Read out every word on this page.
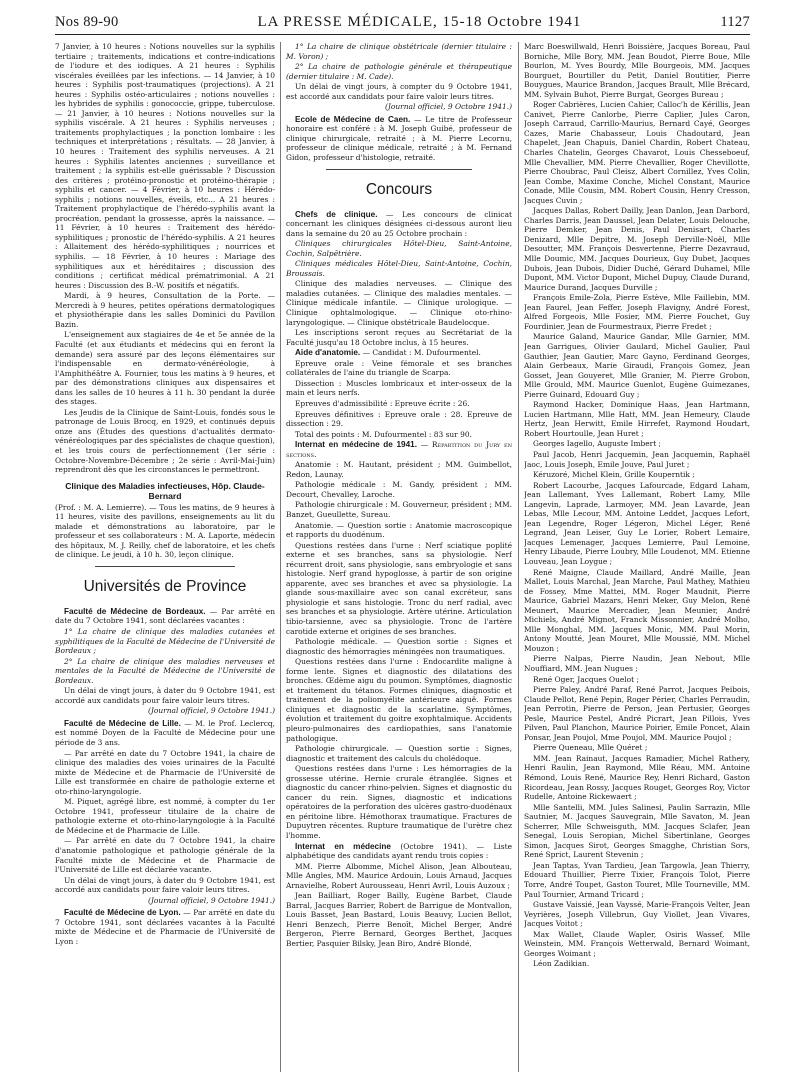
Nos 89-90	LA PRESSE MÉDICALE, 15-18 Octobre 1941	1127

7 Janvier, à 10 heures : Notions nouvelles sur la syphilis tertiaire ; traitements, indications et contre-indications de l'iodure et des iodiques. A 21 heures : Syphilis viscérales éveillées par les infections. — 14 Janvier, à 10 heures : Syphilis post-traumatiques (projections). A 21 heures : Syphilis ostéo-articulaires ; notions nouvelles : les hybrides de syphilis : gonococcie, grippe, tuberculose. — 21 Janvier, à 10 heures : Notions nouvelles sur la syphilis viscérale. A 21 heures : Syphilis nerveuses ; traitements prophylactiques ; la ponction lombaire : les techniques et interprétations ; résultats. — 28 Janvier, à 10 heures : Traitement des syphilis nerveuses. A 21 heures : Syphilis latentes anciennes ; surveillance et traitement ; la syphilis est-elle guérissable ? Discussion des critères ; protéino-pronostic et protéino-thérapie ; syphilis et cancer. — 4 Février, à 10 heures : Hérédo-syphilis ; notions nouvelles, éveils, etc... A 21 heures : Traitement prophylactique de l'hérédo-syphilis avant la procréation, pendant la grossesse, après la naissance. — 11 Février, à 10 heures : Traitement des hérédo-syphilitiques ; pronostic de l'hérédo-syphilis. A 21 heures : Allaitement des hérédo-syphilitiques ; nourrices et syphilis. — 18 Février, à 10 heures : Mariage des syphilitiques aux et héréditaires ; discussion des conditions ; certificat médical prématrimonial. A 21 heures : Discussion des B.-W. positifs et négatifs.

Mardi, à 9 heures, Consultation de la Porte. — Mercredi à 9 heures, petites opérations dermatologiques et physiothérapie dans les salles Dominici du Pavillon Bazin.

L'enseignement aux stagiaires de 4e et 5e année de la Faculté (et aux étudiants et médecins qui en feront la demande) sera assuré par des leçons élémentaires sur l'indispensable en dermato-vénéréologie, à l'Amphithéâtre A. Fournier, tous les matins à 9 heures, et par des démonstrations cliniques aux dispensaires et dans les salles de 10 heures à 11 h. 30 pendant la durée des stages.

Les Jeudis de la Clinique de Saint-Louis, fondés sous le patronage de Louis Brocq, en 1929, et continués depuis onze ans (Études des questions d'actualités dermato-vénéréologiques par des spécialistes de chaque question), et les trois cours de perfectionnement (1er série : Octobre-Novembre-Décembre ; 2e série : Avril-Mai-Juin) reprendront dès que les circonstances le permettront.

Clinique des Maladies infectieuses, Hôp. Claude-Bernard

(Prof. : M. A. Lemierre). — Tous les matins, de 9 heures à 11 heures, visite des pavillons, enseignements au lit du malade et démonstrations au laboratoire, par le professeur et ses collaborateurs : M. A. Laporte, médecin des hôpitaux, M. J. Reilly, chef de laboratoire, et les chefs de clinique. Le jeudi, à 10 h. 30, leçon clinique.

Universités de Province

Faculté de Médecine de Bordeaux. — Par arrêté en date du 7 Octobre 1941, sont déclarées vacantes :

1° La chaire de clinique des maladies cutanées et syphilitiques de la Faculté de Médecine de l'Université de Bordeaux ;

2° La chaire de clinique des maladies nerveuses et mentales de la Faculté de Médecine de l'Université de Bordeaux.

Un délai de vingt jours, à dater du 9 Octobre 1941, est accordé aux candidats pour faire valoir leurs titres.

(Journal officiel, 9 Octobre 1941.)

Faculté de Médecine de Lille. — M. le Prof. Leclercq, est nommé Doyen de la Faculté de Médecine pour une période de 3 ans.

— Par arrêté en date du 7 Octobre 1941, la chaire de clinique des maladies des voies urinaires de la Faculté mixte de Médecine et de Pharmacie de l'Université de Lille est transformée en chaire de pathologie externe et oto-rhino-laryngologie.

M. Piquet, agrégé libre, est nommé, à compter du 1er Octobre 1941, professeur titulaire de la chaire de pathologie externe et oto-rhino-laryngologie à la Faculté de Médecine et de Pharmacie de Lille.

— Par arrêté en date du 7 Octobre 1941, la chaire d'anatomie pathologique et pathologie générale de la Faculté mixte de Médecine et de Pharmacie de l'Université de Lille est déclarée vacante.

Un délai de vingt jours, à dater du 9 Octobre 1941, est accordé aux candidats pour faire valoir leurs titres.

(Journal officiel, 9 Octobre 1941.)

Faculté de Médecine de Lyon. — Par arrêté en date du 7 Octobre 1941, sont déclarées vacantes à la Faculté mixte de Médecine et de Pharmacie de l'Université de Lyon :

1° La chaire de clinique obstétricale (dernier titulaire : M. Voron) ;

2° La chaire de pathologie générale et thérapeutique (dernier titulaire : M. Cade).

Un délai de vingt jours, à compter du 9 Octobre 1941, est accordé aux candidats pour faire valoir leurs titres.

(Journal officiel, 9 Octobre 1941.)

Ecole de Médecine de Caen. — Le titre de Professeur honoraire est conféré : à M. Joseph Guibé, professeur de clinique chirurgicale, retraité ; à M. Pierre Lecornu, professeur de clinique médicale, retraité ; à M. Fernand Gidon, professeur d'histologie, retraité.

Concours

Chefs de clinique. — Les concours de clinicat concernant les cliniques désignées ci-dessous auront lieu dans la semaine du 20 au 25 Octobre prochain :

Cliniques chirurgicales Hôtel-Dieu, Saint-Antoine, Cochin, Salpêtrière.

Cliniques médicales Hôtel-Dieu, Saint-Antoine, Cochin, Broussais.

Clinique des maladies nerveuses. — Clinique des maladies cutanées. — Clinique des maladies mentales. — Clinique médicale infantile. — Clinique urologique. — Clinique ophtalmologique. — Clinique oto-rhino-laryngologique. — Clinique obstétricale Baudelocque.

Les inscriptions seront reçues au Secrétariat de la Faculté jusqu'au 18 Octobre inclus, à 15 heures.

Aide d'anatomie. — Candidat : M. Dufourmentel.

Epreuve orale : Veine fémorale et ses branches collatérales de l'aine du triangle de Scarpa.

Dissection : Muscles lombricaux et inter-osseux de la main et leurs nerfs.

Epreuves d'admissibilité : Epreuve écrite : 26.

Epreuves définitives : Epreuve orale : 28. Epreuve de dissection : 29.

Total des points : M. Dufourmentel : 83 sur 90.

Internat en médecine de 1941. — Répartition du Jury en sections.

Anatomie : M. Hautant, président ; MM. Guimbellot, Redon, Launay.

Pathologie médicale : M. Gandy, président ; MM. Decourt, Chevalley, Laroche.

Pathologie chirurgicale : M. Gouverneur, président ; MM. Banzet, Gueullette, Sureau.

Anatomie. — Question sortie : Anatomie macroscopique et rapports du duodénum.

Questions restées dans l'urne : Nerf sciatique poplité externe et ses branches, sans sa physiologie. Nerf récurrent droit, sans physiologie, sans embryologie et sans histologie. Nerf grand hypoglosse, à partir de son origine apparente, avec ses branches et avec sa physiologie. La glande sous-maxillaire avec son canal excréteur, sans physiologie et sans histologie. Tronc du nerf radial, avec ses branches et sa physiologie. Artère utérine. Articulation tibio-tarsienne, avec sa physiologie. Tronc de l'artère carotide externe et origines de ses branches.

Pathologie médicale. — Question sortie : Signes et diagnostic des hémorragies méningées non traumatiques.

Questions restées dans l'urne : Endocardite maligne à forme lente. Signes et diagnostic des dilatations des bronches. Œdème aigu du poumon. Symptômes, diagnostic et traitement du tétanos. Formes cliniques, diagnostic et traitement de la poliomyélite antérieure aiguë. Formes cliniques et diagnostic de la scarlatine. Symptômes, évolution et traitement du goitre exophtalmique. Accidents pleuro-pulmonaires des cardiopathies, sans l'anatomie pathologique.

Pathologie chirurgicale. — Question sortie : Signes, diagnostic et traitement des calculs du cholédoque.

Questions restées dans l'urne : Les hémorragies de la grossesse utérine. Hernie crurale étranglée. Signes et diagnostic du cancer rhino-pelvien. Signes et diagnostic du cancer du rein. Signes, diagnostic et indications opératoires de la perforation des ulcères gastro-duodénaux en péritoine libre. Hémothorax traumatique. Fractures de Dupuytren récentes. Rupture traumatique de l'urètre chez l'homme.

Internat en médecine (Octobre 1941). — Liste alphabétique des candidats ayant rendu trois copies :

MM. Pierre Albomme, Michel Alison, Jean Albouteau, Mlle Angles, MM. Maurice Ardouin, Louis Arnaud, Jacques Arnavielhe, Robert Aurousseau, Henri Avril, Louis Auzoux ;

Jean Bailliart, Roger Bailly, Eugène Barbet, Claude Barral, Jacques Barrier, Robert de Barrigue de Montvallon, Louis Basset, Jean Bastard, Louis Beauvy, Lucien Bellot, Henri Benzech, Pierre Benoît, Michel Berger, André Bergeron, Pierre Bernard, Georges Berthet, Jacques Bertier, Pasquier Bilsky, Jean Biro, André Blondé,

Marc Boeswillwald, Henri Boissière, Jacques Boreau, Paul Borniche, Mlle Bory, MM. Jean Boudot, Pierre Boue, Mlle Bourlon, M. Yves Bourdy, Mlle Bourgeois, MM. Jacques Bourguet, Bourtiller du Petit, Daniel Boutitier, Pierre Bouygues, Maurice Brandon, Jacques Brault, Mlle Brécard, MM. Sylvain Buhot, Pierre Burgat, Georges Bureau ;

Roger Cabrières, Lucien Cahier, Calloc'h de Kérillis, Jean Canivet, Pierre Canlorbe, Pierre Caplier, Jules Caron, Joseph Carraud, Carrillo-Maurius, Bernard Cayé, Georges Cazes, Marie Chabasseur, Louis Chadoutard, Jean Chapelet, Jean Chapuis, Daniel Chardin, Robert Chateau, Charles Chatelin, Georges Chavarot, Louis Chesseboeuf, Mlle Chevallier, MM. Pierre Chevallier, Roger Chevillotte, Pierre Choubrac, Paul Cleisz, Albert Cornillez, Yves Colin, Jean Combe, Maxime Conche, Michel Constant, Maurice Conade, Mlle Cousin, MM. Robert Cousin, Henry Cresson, Jacques Cuvin ;

Jacques Dallas, Robert Dailly, Jean Danlon, Jean Darbord, Charles Darris, Jean Daussel, Jean Delater, Louis Delouche, Pierre Demker, Jean Denis, Paul Denisart, Charles Denizard, Mlle Depitre, M. Joseph Derville-Noël, Mlle Desoutter, MM. François Desvertenne, Pierre Dezavraud, Mlle Doumic, MM. Jacques Dourieux, Guy Dubet, Jacques Dubois, Jean Dubois, Didier Duché, Gérard Duhamel, Mlle Dupont, MM. Victor Dupont, Michel Dupuy, Claude Durand, Maurice Durand, Jacques Durville ;

François Emile-Zola, Pierre Estève, Mlle Faillebin, MM. Jean Faurel, Jean Feffer, Joseph Flavigny, André Forest, Alfred Forgeois, Mlle Fosier, MM. Pierre Fouchet, Guy Fourdinier, Jean de Fourmestraux, Pierre Fredet ;

Maurice Galand, Maurice Gandar, Mlle Garnier, MM. Jean Garrigues, Olivier Gaulard, Michel Gaulier, Paul Gauthier, Jean Gautier, Marc Gayno, Ferdinand Georges, Alain Gerbeaux, Marie Giraudi, François Gomez, Jean Gosset, Jean Gouyeret, Mlle Granier, M. Pierre Grobon, Mlle Grould, MM. Maurice Guenlot, Eugène Guimezanes, Pierre Guinard, Edouard Guy ;

Raymond Hacker, Dominique Haas, Jean Hartmann, Lucien Hartmann, Mlle Hatt, MM. Jean Hemeury, Claude Hertz, Jean Herwitt, Emile Hirrefet, Raymond Houdart, Robert Hourtoulle, Jean Huret ;

Georges Iagello, Auguste Imbert ;

Paul Jacob, Henri Jacquemin, Jean Jacquemin, Raphaël Jaoc, Louis Joseph, Emile Jouve, Paul Juret ;

Kéruzoré, Michel Klein, Grille Kouperntik ;

Robert Lacourbe, Jacques Lafourcade, Edgard Laham, Jean Lallemant, Yves Lallemant, Robert Lamy, Mlle Langevin, Laprade, Larmoyer, MM. Jean Lavarde, Jean Lebas, Mlle Lecour, MM. Antoine Leddet, Jacques Lefort, Jean Legendre, Roger Légeron, Michel Léger, René Legrand, Jean Leiser, Guy Le Lorier, Robert Lemaire, Jacques Lemenager, Jacques Lemierre, Paul Lemoine, Henry Libaude, Pierre Loubry, Mlle Loudenot, MM. Etienne Louveau, Jean Loygue ;

René Maigne, Claude Maillard, André Maille, Jean Mallet, Louis Marchal, Jean Marche, Paul Mathey, Mathieu de Fossey, Mme Mattei, MM. Roger Maudnit, Pierre Maurice, Gabriel Mazars, Henri Meker, Guy Melon, René Meunert, Maurice Mercadier, Jean Meunier, André Michiels, André Mignot, Franck Missonnier, André Molho, Mlle Monghal, MM. Jacques Monic, MM. Paul Morin, Antony Moutté, Jean Mouret, Mlle Moussié, MM. Michel Mouzon ;

Pierre Nalpas, Pierre Naudin, Jean Nebout, Mlle Nouffiard, MM. Jean Nugues ;

René Oger, Jacques Ouelot ;

Pierre Paley, André Paraf, René Parrot, Jacques Peibois, Claude Pellot, René Pepin, Roger Périer, Charles Perraudin, Jean Perrotin, Pierre de Person, Jean Pertusier, Georges Pesle, Maurice Pestel, André Picrart, Jean Pillois, Yves Pilven, Paul Planchon, Maurice Poirier, Emile Poncet, Alain Ponsar, Jean Poujol, Mme Poujol, MM. Maurice Poujol ;

Pierre Queneau, Mlle Quéret ;

MM. Jean Rainaut, Jacques Ramadier, Michel Rathery, Henri Raulin, Jean Raymond, Mlle Réau, MM. Antoine Rémond, Louis René, Maurice Rey, Henri Richard, Gaston Ricordeau, Jean Rossy, Jacques Rouget, Georges Roy, Victor Rudelle, Antoine Rickewaert ;

Mlle Santelli, MM. Jules Salinesi, Paulin Sarrazin, Mlle Sautnier, M. Jacques Sauvegrain, Mlle Savaton, M. Jean Scherrer, Mlle Schweisguth, MM. Jacques Sclafer, Jean Senegal, Louis Seropian, Michel Sibertinlane, Georges Simon, Jacques Sirot, Georges Smagghe, Christian Sors, René Sprict, Laurent Stevenin ;

Jean Taptas, Yvan Tardieu, Jean Targowla, Jean Thierry, Edouard Thuillier, Pierre Tixier, François Tolot, Pierre Torre, André Toupet, Gaston Touret, Mlle Tourneville, MM. Paul Tournier, Armand Tricard ;

Gustave Vaissié, Jean Vayssé, Marie-François Velter, Jean Veyrières, Joseph Villebrun, Guy Viollet, Jean Vivares, Jacques Voitot ;

Max Wallet, Claude Wapler, Osiris Wassef, Mlle Weinstein, MM. François Wetterwald, Bernard Woimant, Georges Woimant ;

Léon Zadikian.
